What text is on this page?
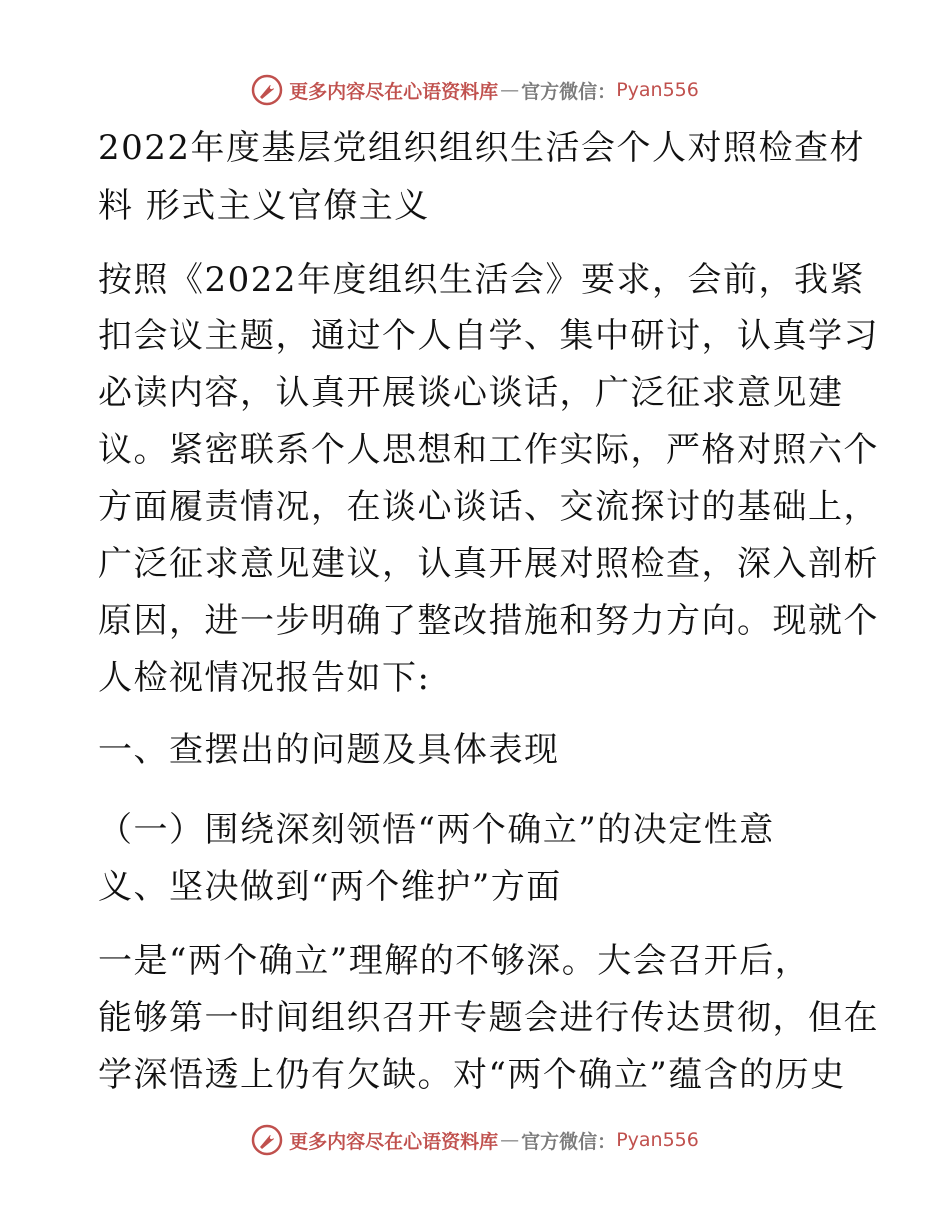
更多内容尽在心语资料库 — 官方微信： Pyan556
2022年度基层党组织组织生活会个人对照检查材
料 形式主义官僚主义
按照《2022年度组织生活会》要求，会前，我紧
扣会议主题，通过个人自学、集中研讨，认真学习
必读内容，认真开展谈心谈话，广泛征求意见建
议。紧密联系个人思想和工作实际，严格对照六个
方面履责情况，在谈心谈话、交流探讨的基础上，
广泛征求意见建议，认真开展对照检查，深入剖析
原因，进一步明确了整改措施和努力方向。现就个
人检视情况报告如下:
一、查摆出的问题及具体表现
（一）围绕深刻领悟“两个确立”的决定性意
义、坚决做到“两个维护”方面
一是“两个确立”理解的不够深。大会召开后，
能够第一时间组织召开专题会进行传达贯彻，但在
学深悟透上仍有欠缺。对“两个确立”蕴含的历史
更多内容尽在心语资料库 — 官方微信： Pyan556
